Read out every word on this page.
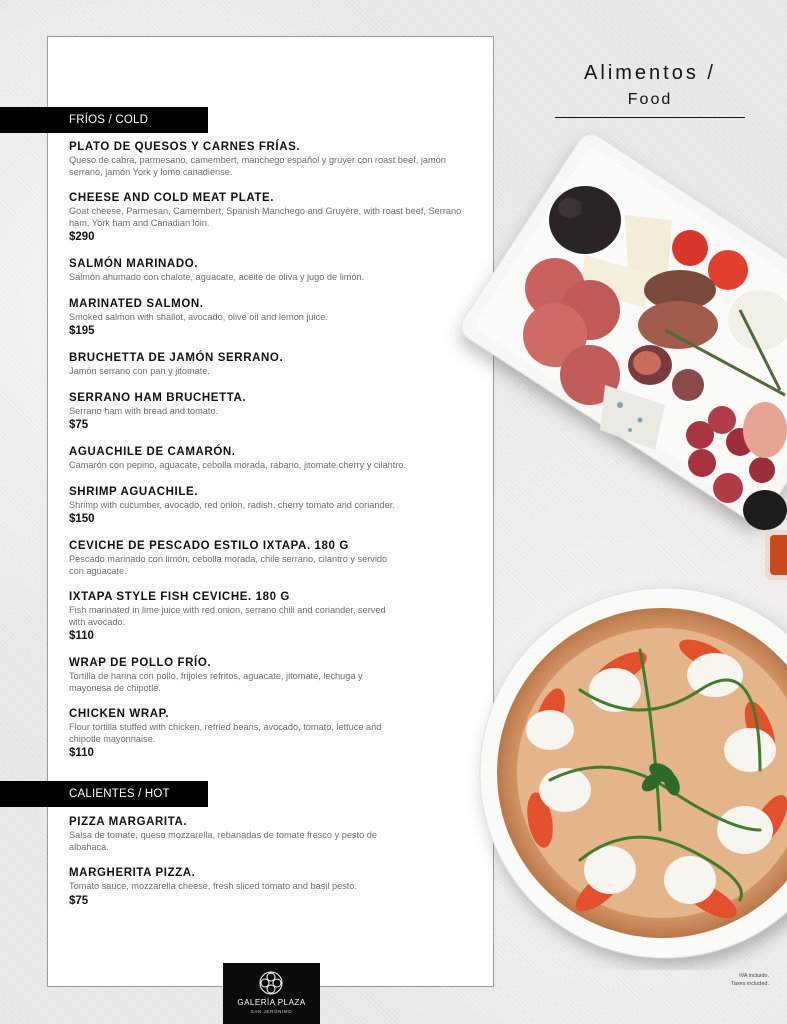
FRÍOS / COLD
PLATO DE QUESOS Y CARNES FRÍAS.
Queso de cabra, parmesano, camembert, manchego español y gruyer con roast beef, jamón serrano, jamón York y lomo canadiense.
CHEESE AND COLD MEAT PLATE.
Goat cheese, Parmesan, Camembert, Spanish Manchego and Gruyère, with roast beef, Serrano ham, York ham and Canadian loin.
$290
SALMÓN MARINADO.
Salmón ahumado con chalote, aguacate, aceite de oliva y jugo de limón.
MARINATED SALMON.
Smoked salmon with shallot, avocado, olive oil and lemon juice.
$195
BRUCHETTA DE JAMÓN SERRANO.
Jamón serrano con pan y jitomate.
SERRANO HAM BRUCHETTA.
Serrano ham with bread and tomato.
$75
AGUACHILE DE CAMARÓN.
Camarón con pepino, aguacate, cebolla morada, rábano, jitomate cherry y cilantro.
SHRIMP AGUACHILE.
Shrimp with cucumber, avocado, red onion, radish, cherry tomato and coriander.
$150
CEVICHE DE PESCADO ESTILO IXTAPA. 180 G
Pescado marinado con limón, cebolla morada, chile serrano, cilantro y servido con aguacate.
IXTAPA STYLE FISH CEVICHE. 180 G
Fish marinated in lime juice with red onion, serrano chili and coriander, served with avocado.
$110
WRAP DE POLLO FRÍO.
Tortilla de harina con pollo, frijoles refritos, aguacate, jitomate, lechuga y mayonesa de chipotle.
CHICKEN WRAP.
Flour tortilla stuffed with chicken, refried beans, avocado, tomato, lettuce and chipotle mayonnaise.
$110
CALIENTES / HOT
PIZZA MARGARITA.
Salsa de tomate, queso mozzarella, rebanadas de tomate fresco y pesto de albahaca.
MARGHERITA PIZZA.
Tomato sauce, mozzarella cheese, fresh sliced tomato and basil pesto.
$75
Alimentos /
Food
GALERÍA PLAZA
SAN JERÓNIMO
IVA incluido.
Taxes included.
